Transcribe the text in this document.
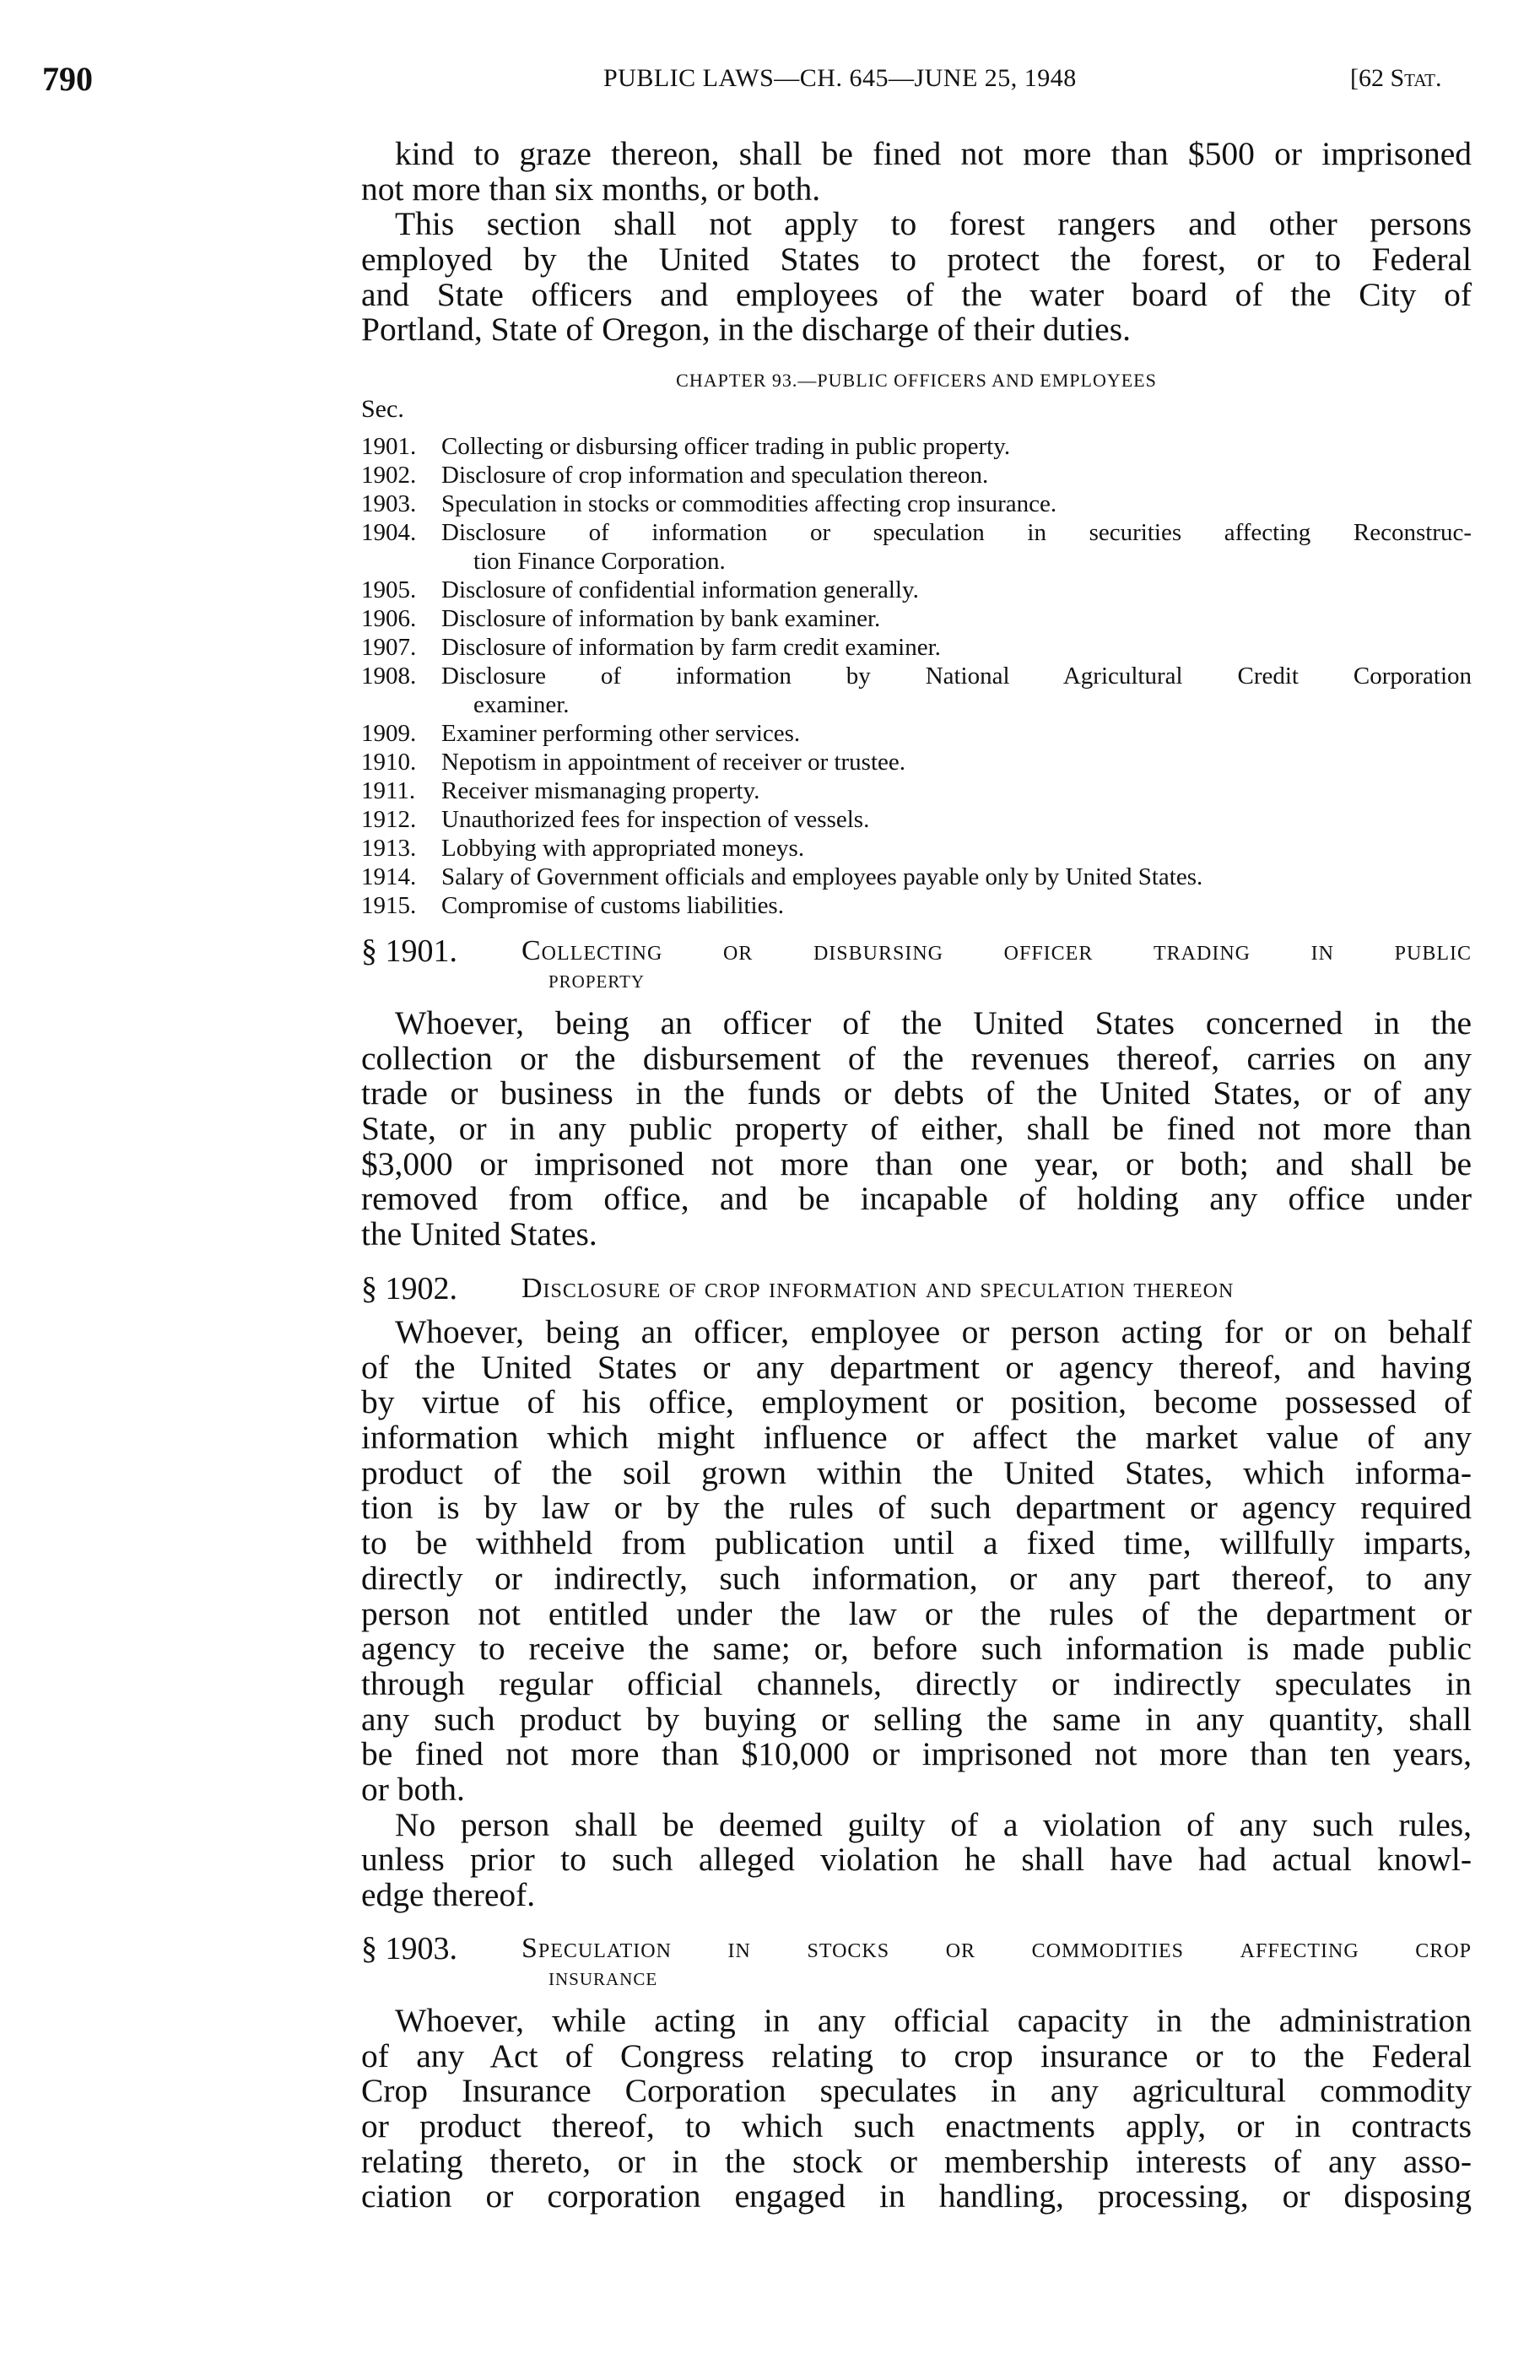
790	PUBLIC LAWS—CH. 645—JUNE 25, 1948	[62 Stat.
kind to graze thereon, shall be fined not more than $500 or imprisoned
not more than six months, or both.
This section shall not apply to forest rangers and other persons
employed by the United States to protect the forest, or to Federal
and State officers and employees of the water board of the City of
Portland, State of Oregon, in the discharge of their duties.
CHAPTER 93.—PUBLIC OFFICERS AND EMPLOYEES
Sec.
1901.	Collecting or disbursing officer trading in public property.
1902.	Disclosure of crop information and speculation thereon.
1903.	Speculation in stocks or commodities affecting crop insurance.
1904.	Disclosure of information or speculation in securities affecting Reconstruc-
tion Finance Corporation.
1905.	Disclosure of confidential information generally.
1906.	Disclosure of information by bank examiner.
1907.	Disclosure of information by farm credit examiner.
1908.	Disclosure of information by National Agricultural Credit Corporation
examiner.
1909.	Examiner performing other services.
1910.	Nepotism in appointment of receiver or trustee.
1911.	Receiver mismanaging property.
1912.	Unauthorized fees for inspection of vessels.
1913.	Lobbying with appropriated moneys.
1914.	Salary of Government officials and employees payable only by United States.
1915.	Compromise of customs liabilities.
§ 1901.	Collecting or disbursing officer trading in public
property
Whoever, being an officer of the United States concerned in the
collection or the disbursement of the revenues thereof, carries on any
trade or business in the funds or debts of the United States, or of any
State, or in any public property of either, shall be fined not more than
$3,000 or imprisoned not more than one year, or both; and shall be
removed from office, and be incapable of holding any office under
the United States.
§ 1902.	Disclosure of crop information and speculation thereon
Whoever, being an officer, employee or person acting for or on behalf
of the United States or any department or agency thereof, and having
by virtue of his office, employment or position, become possessed of
information which might influence or affect the market value of any
product of the soil grown within the United States, which informa-
tion is by law or by the rules of such department or agency required
to be withheld from publication until a fixed time, willfully imparts,
directly or indirectly, such information, or any part thereof, to any
person not entitled under the law or the rules of the department or
agency to receive the same; or, before such information is made public
through regular official channels, directly or indirectly speculates in
any such product by buying or selling the same in any quantity, shall
be fined not more than $10,000 or imprisoned not more than ten years,
or both.
No person shall be deemed guilty of a violation of any such rules,
unless prior to such alleged violation he shall have had actual knowl-
edge thereof.
§ 1903.	Speculation in stocks or commodities affecting crop
insurance
Whoever, while acting in any official capacity in the administration
of any Act of Congress relating to crop insurance or to the Federal
Crop Insurance Corporation speculates in any agricultural commodity
or product thereof, to which such enactments apply, or in contracts
relating thereto, or in the stock or membership interests of any asso-
ciation or corporation engaged in handling, processing, or disposing
